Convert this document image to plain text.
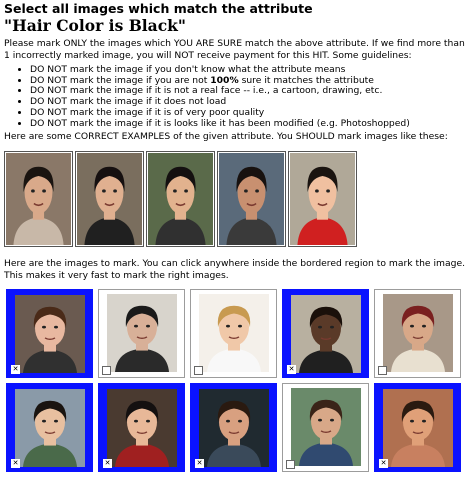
Select all images which match the attribute
"Hair Color is Black"
Please mark ONLY the images which YOU ARE SURE match the above attribute. If we find more than 1 incorrectly marked image, you will NOT receive payment for this HIT. Some guidelines:
• DO NOT mark the image if you don't know what the attribute means
• DO NOT mark the image if you are not 100% sure it matches the attribute
• DO NOT mark the image if it is not a real face -- i.e., a cartoon, drawing, etc.
• DO NOT mark the image if it does not load
• DO NOT mark the image if it is of very poor quality
• DO NOT mark the image if it is looks like it has been modified (e.g. Photoshopped)
Here are some CORRECT EXAMPLES of the given attribute. You SHOULD mark images like these:
Here are the images to mark. You can click anywhere inside the bordered region to mark the image. This makes it very fast to mark the right images.
✕	✕
✕	✕	✕	✕
